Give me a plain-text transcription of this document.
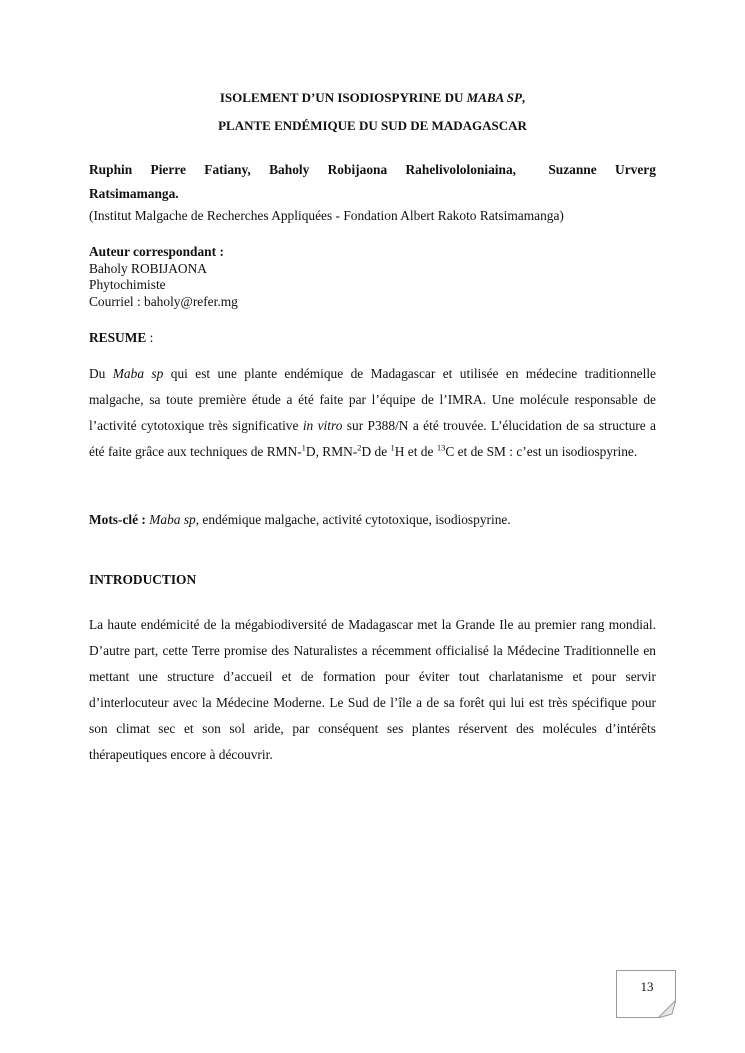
ISOLEMENT D’UN ISODIOSPYRINE DU MABA SP,
PLANTE ENDÉMIQUE DU SUD DE MADAGASCAR
Ruphin Pierre Fatiany, Baholy Robijaona Rahelivololoniaina, Suzanne Urverg
Ratsimamanga.
(Institut Malgache de Recherches Appliquées - Fondation Albert Rakoto Ratsimamanga)
Auteur correspondant :
Baholy ROBIJAONA
Phytochimiste
Courriel : baholy@refer.mg
RESUME :
Du Maba sp qui est une plante endémique de Madagascar et utilisée en médecine traditionnelle malgache, sa toute première étude a été faite par l’équipe de l’IMRA. Une molécule responsable de l’activité cytotoxique très significative in vitro sur P388/N a été trouvée. L’élucidation de sa structure a été faite grâce aux techniques de RMN-$^1$D, RMN-$^2$D de $^1$H et de $^{13}$C et de SM : c’est un isodiospyrine.
Mots-clé : Maba sp, endémique malgache, activité cytotoxique, isodiospyrine.
INTRODUCTION
La haute endémicité de la mégabiodiversité de Madagascar met la Grande Ile au premier rang mondial. D’autre part, cette Terre promise des Naturalistes a récemment officialisé la Médecine Traditionnelle en mettant une structure d’accueil et de formation pour éviter tout charlatanisme et pour servir d’interlocuteur avec la Médecine Moderne. Le Sud de l’île a de sa forêt qui lui est très spécifique pour son climat sec et son sol aride, par conséquent ses plantes réservent des molécules d’intérêts thérapeutiques encore à découvrir.
13
